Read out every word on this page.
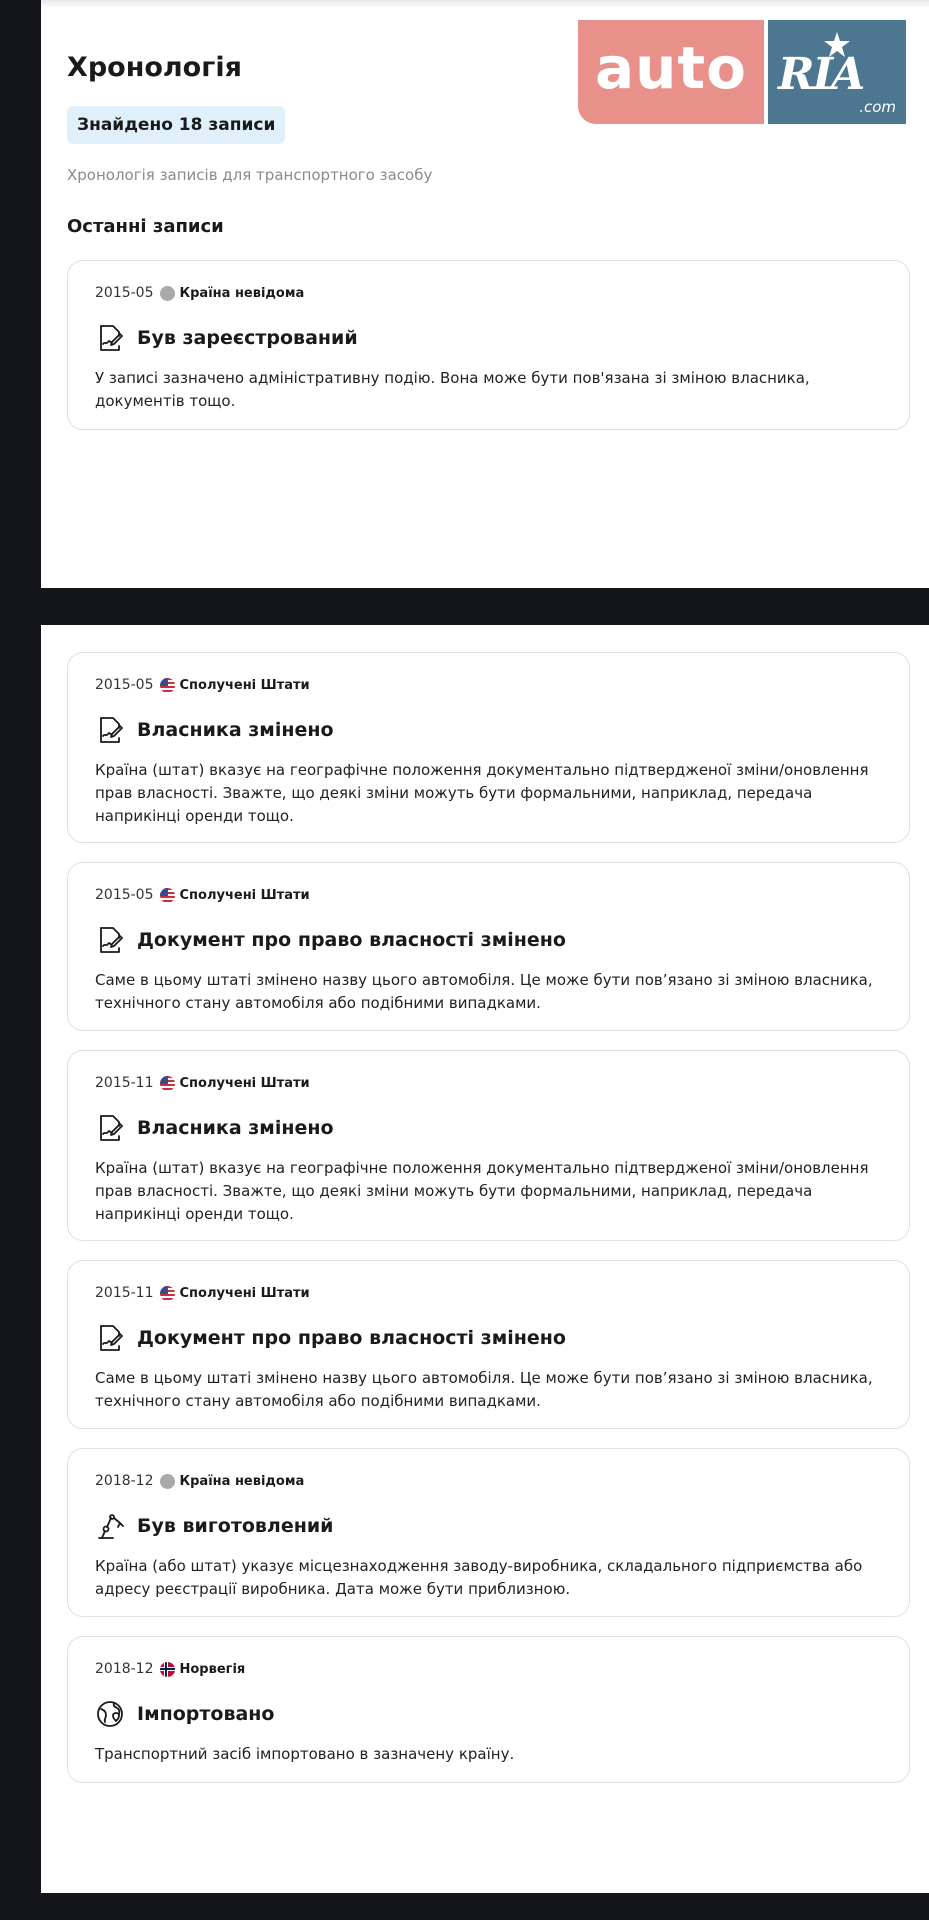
Хронологія
Знайдено 18 записи
Хронологія записів для транспортного засобу
Останні записи
auto RIA
.com
2015-05 Країна невідома
Був зареєстрований
У записі зазначено адміністративну подію. Вона може бути пов'язана зі зміною власника, документів тощо.
2015-05 Сполучені Штати
Власника змінено
Країна (штат) вказує на географічне положення документально підтвердженої зміни/оновлення прав власності. Зважте, що деякі зміни можуть бути формальними, наприклад, передача наприкінці оренди тощо.
2015-05 Сполучені Штати
Документ про право власності змінено
Саме в цьому штаті змінено назву цього автомобіля. Це може бути пов’язано зі зміною власника, технічного стану автомобіля або подібними випадками.
2015-11 Сполучені Штати
Власника змінено
Країна (штат) вказує на географічне положення документально підтвердженої зміни/оновлення прав власності. Зважте, що деякі зміни можуть бути формальними, наприклад, передача наприкінці оренди тощо.
2015-11 Сполучені Штати
Документ про право власності змінено
Саме в цьому штаті змінено назву цього автомобіля. Це може бути пов’язано зі зміною власника, технічного стану автомобіля або подібними випадками.
2018-12 Країна невідома
Був виготовлений
Країна (або штат) указує місцезнаходження заводу-виробника, складального підприємства або адресу реєстрації виробника. Дата може бути приблизною.
2018-12 Норвегія
Імпортовано
Транспортний засіб імпортовано в зазначену країну.
